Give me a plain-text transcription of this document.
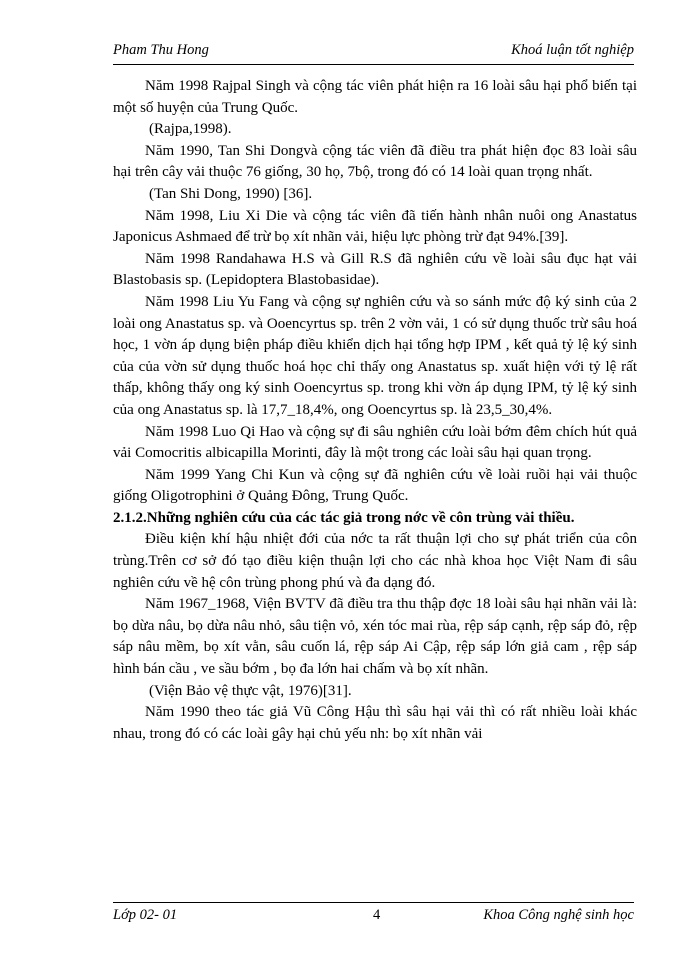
Pham Thu Hong	Khoá luận tốt nghiệp

Năm 1998 Rajpal Singh và cộng tác viên phát hiện ra 16 loài sâu hại phổ biến tại một số huyện của Trung Quốc.

(Rajpa,1998).

Năm 1990, Tan Shi Dongvà cộng tác viên đã điều tra phát hiện đọc 83 loài sâu hại trên cây vải thuộc 76 giống, 30 họ, 7bộ, trong đó có 14 loài quan trọng nhất.

(Tan Shi Dong, 1990) [36].

Năm 1998, Liu Xi Die và cộng tác viên đã tiến hành nhân nuôi ong Anastatus Japonicus Ashmaed để trừ bọ xít nhãn vải, hiệu lực phòng trừ đạt 94%.[39].

Năm 1998 Randahawa H.S và Gill R.S đã nghiên cứu về loài sâu đục hạt vải Blastobasis sp. (Lepidoptera Blastobasidae).

Năm 1998 Liu Yu Fang và cộng sự nghiên cứu và so sánh mức độ ký sinh của 2 loài ong Anastatus sp. và Ooencyrtus sp. trên 2 vờn vải, 1 có sử dụng thuốc trừ sâu hoá học, 1 vờn áp dụng biện pháp điều khiển dịch hại tổng hợp IPM , kết quả tỷ lệ ký sinh của của vờn sử dụng thuốc hoá học chỉ thấy ong Anastatus sp. xuất hiện với tỷ lệ rất thấp, không thấy ong ký sinh Ooencyrtus sp. trong khi vờn áp dụng IPM, tỷ lệ ký sinh của ong Anastatus sp. là 17,7_18,4%, ong Ooencyrtus sp. là 23,5_30,4%.

Năm 1998 Luo Qi Hao và cộng sự đi sâu nghiên cứu loài bớm đêm chích hút quả vải Comocritis albicapilla Morinti, đây là một trong các loài sâu hại quan trọng.

Năm 1999 Yang Chi Kun và cộng sự đã nghiên cứu về loài ruồi hại vải thuộc giống Oligotrophini ở Quảng Đông, Trung Quốc.

2.1.2.Những nghiên cứu của các tác giả trong nớc về côn trùng vải thiều.

Điều kiện khí hậu nhiệt đới của nớc ta rất thuận lợi cho sự phát triển của côn trùng.Trên cơ sở đó tạo điều kiện thuận lợi cho các nhà khoa học Việt Nam đi sâu nghiên cứu về hệ côn trùng phong phú và đa dạng đó.

Năm 1967_1968, Viện BVTV đã điều tra thu thập đợc 18 loài sâu hại nhãn vải là: bọ dừa nâu, bọ dừa nâu nhỏ, sâu tiện vỏ, xén tóc mai rùa, rệp sáp cạnh, rệp sáp đỏ, rệp sáp nâu mềm, bọ xít vằn, sâu cuốn lá, rệp sáp Ai Cập, rệp sáp lớn giả cam , rệp sáp hình bán cầu , ve sầu bớm , bọ đa lớn hai chấm và bọ xít nhãn.

(Viện Bảo vệ thực vật, 1976)[31].

Năm 1990 theo tác giả Vũ Công Hậu thì sâu hại vải thì có rất nhiều loài khác nhau, trong đó có các loài gây hại chủ yếu nh: bọ xít nhãn vải

Lớp 02- 01	4	Khoa Công nghệ sinh học
